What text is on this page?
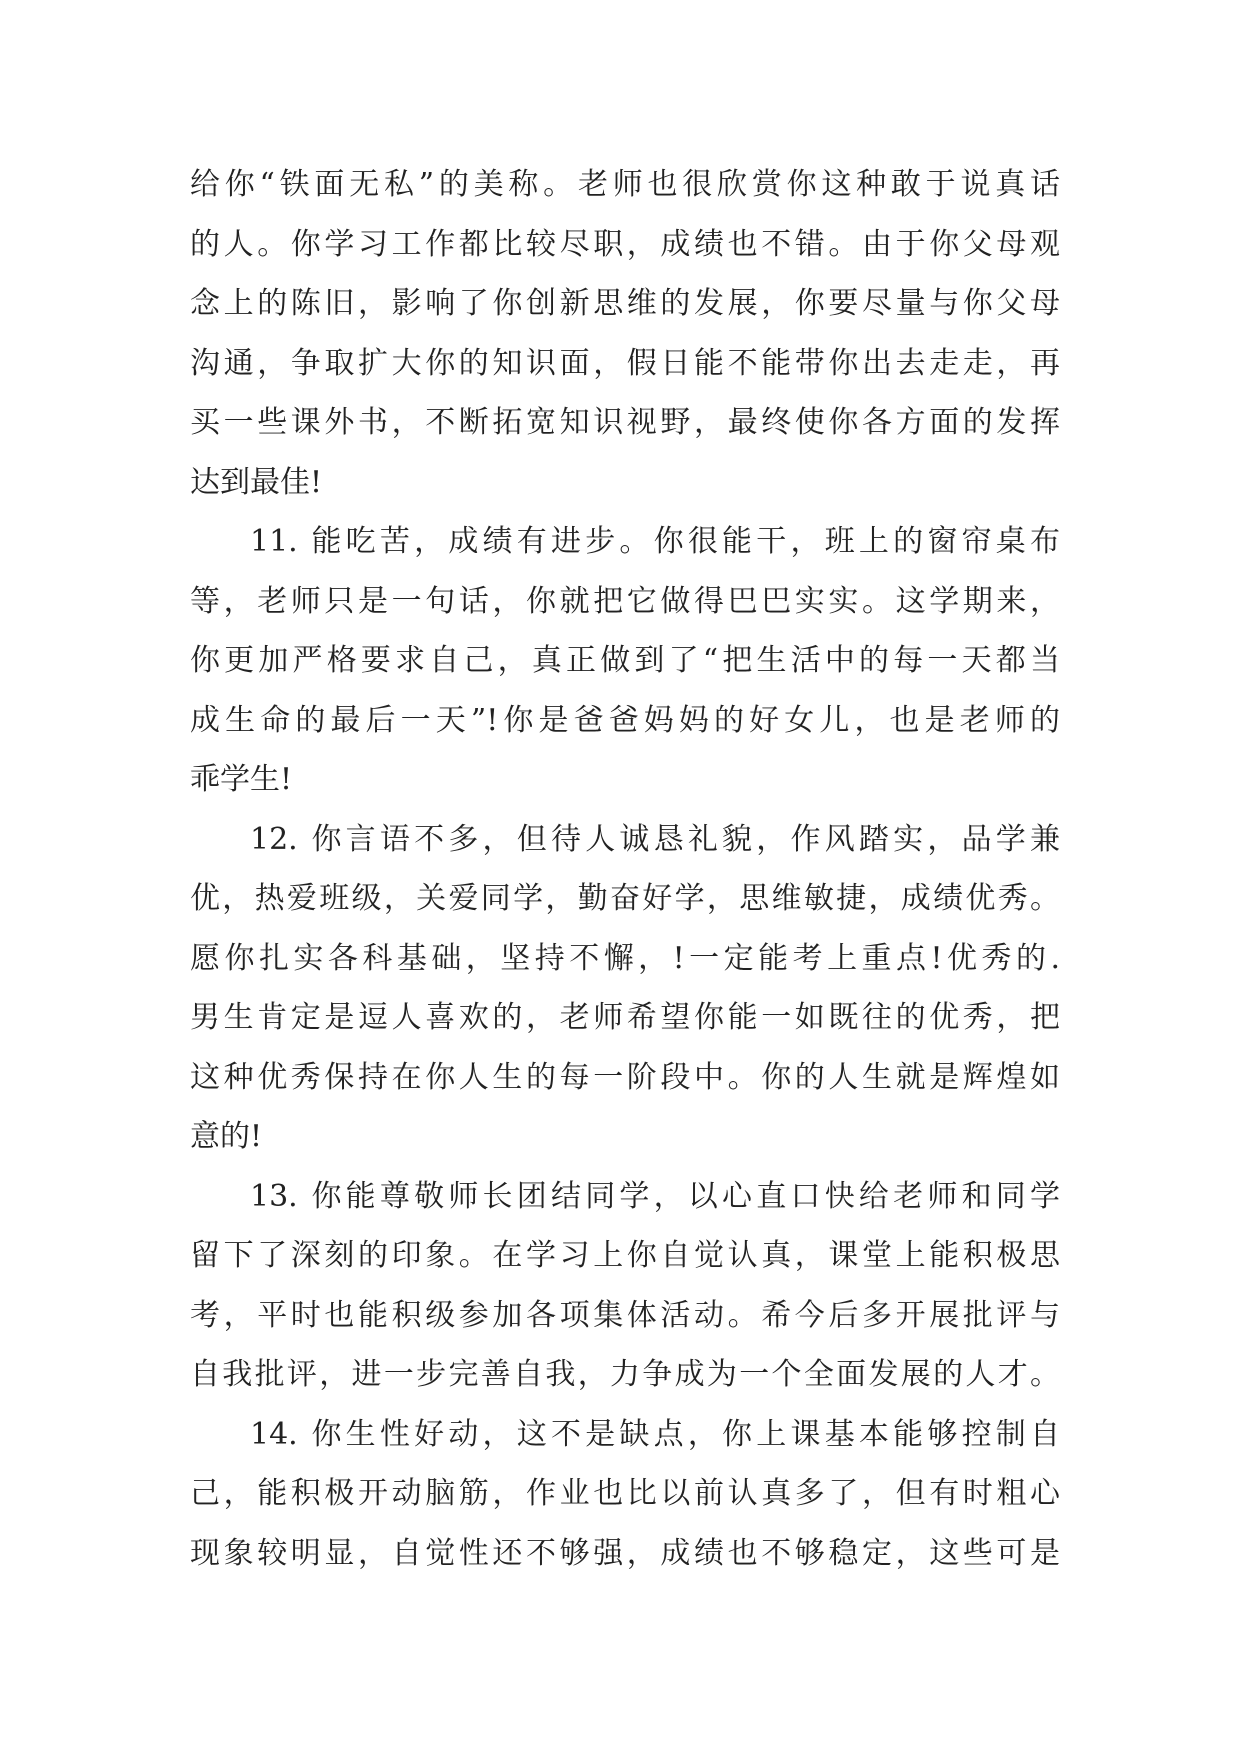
给你“铁面无私”的美称。老师也很欣赏你这种敢于说真话
的人。你学习工作都比较尽职，成绩也不错。由于你父母观
念上的陈旧，影响了你创新思维的发展，你要尽量与你父母
沟通，争取扩大你的知识面，假日能不能带你出去走走，再
买一些课外书，不断拓宽知识视野，最终使你各方面的发挥
达到最佳!
11. 能吃苦，成绩有进步。你很能干，班上的窗帘桌布
等，老师只是一句话，你就把它做得巴巴实实。这学期来，
你更加严格要求自己，真正做到了“把生活中的每一天都当
成生命的最后一天”!你是爸爸妈妈的好女儿，也是老师的
乖学生!
12. 你言语不多，但待人诚恳礼貌，作风踏实，品学兼
优，热爱班级，关爱同学，勤奋好学，思维敏捷，成绩优秀。
愿你扎实各科基础，坚持不懈，!一定能考上重点!优秀的.
男生肯定是逗人喜欢的，老师希望你能一如既往的优秀，把
这种优秀保持在你人生的每一阶段中。你的人生就是辉煌如
意的!
13. 你能尊敬师长团结同学，以心直口快给老师和同学
留下了深刻的印象。在学习上你自觉认真，课堂上能积极思
考，平时也能积级参加各项集体活动。希今后多开展批评与
自我批评，进一步完善自我，力争成为一个全面发展的人才。
14. 你生性好动，这不是缺点，你上课基本能够控制自
己，能积极开动脑筋，作业也比以前认真多了，但有时粗心
现象较明显，自觉性还不够强，成绩也不够稳定，这些可是
